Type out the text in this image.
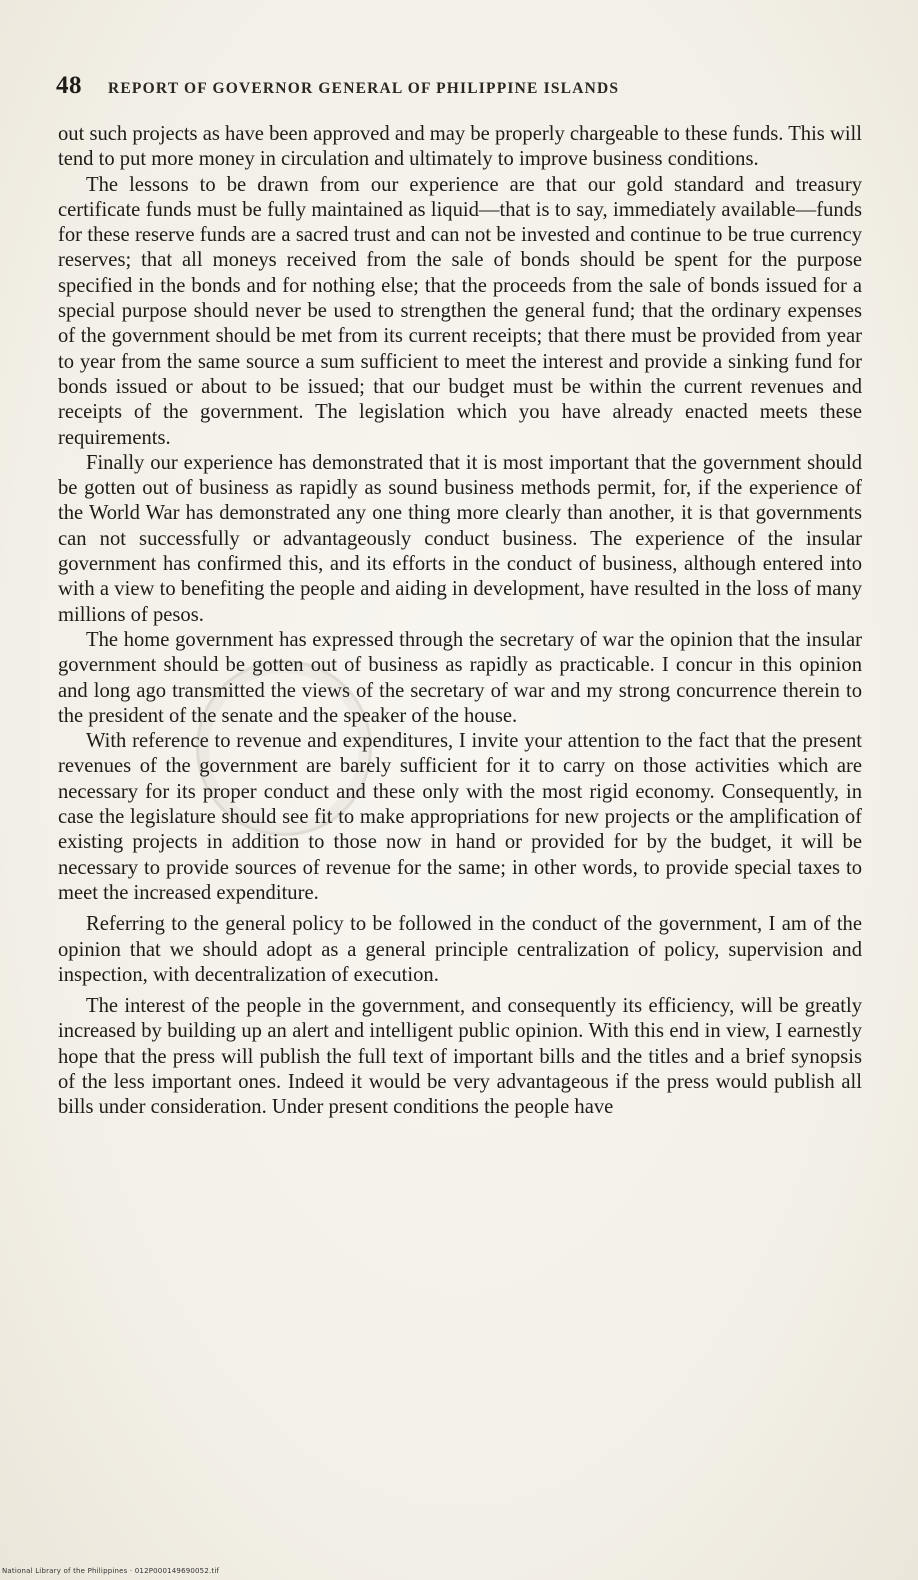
48 REPORT OF GOVERNOR GENERAL OF PHILIPPINE ISLANDS

out such projects as have been approved and may be properly chargeable to these funds. This will tend to put more money in circulation and ultimately to improve business conditions.

The lessons to be drawn from our experience are that our gold standard and treasury certificate funds must be fully maintained as liquid—that is to say, immediately available—funds for these reserve funds are a sacred trust and can not be invested and continue to be true currency reserves; that all moneys received from the sale of bonds should be spent for the purpose specified in the bonds and for nothing else; that the proceeds from the sale of bonds issued for a special purpose should never be used to strengthen the general fund; that the ordinary expenses of the government should be met from its current receipts; that there must be provided from year to year from the same source a sum sufficient to meet the interest and provide a sinking fund for bonds issued or about to be issued; that our budget must be within the current revenues and receipts of the government. The legislation which you have already enacted meets these requirements.

Finally our experience has demonstrated that it is most important that the government should be gotten out of business as rapidly as sound business methods permit, for, if the experience of the World War has demonstrated any one thing more clearly than another, it is that governments can not successfully or advantageously conduct business. The experience of the insular government has confirmed this, and its efforts in the conduct of business, although entered into with a view to benefiting the people and aiding in development, have resulted in the loss of many millions of pesos.

The home government has expressed through the secretary of war the opinion that the insular government should be gotten out of business as rapidly as practicable. I concur in this opinion and long ago transmitted the views of the secretary of war and my strong concurrence therein to the president of the senate and the speaker of the house.

With reference to revenue and expenditures, I invite your attention to the fact that the present revenues of the government are barely sufficient for it to carry on those activities which are necessary for its proper conduct and these only with the most rigid economy. Consequently, in case the legislature should see fit to make appropriations for new projects or the amplification of existing projects in addition to those now in hand or provided for by the budget, it will be necessary to provide sources of revenue for the same; in other words, to provide special taxes to meet the increased expenditure.

Referring to the general policy to be followed in the conduct of the government, I am of the opinion that we should adopt as a general principle centralization of policy, supervision and inspection, with decentralization of execution.

The interest of the people in the government, and consequently its efficiency, will be greatly increased by building up an alert and intelligent public opinion. With this end in view, I earnestly hope that the press will publish the full text of important bills and the titles and a brief synopsis of the less important ones. Indeed it would be very advantageous if the press would publish all bills under consideration. Under present conditions the people have

National Library of the Philippines · 012P000149690052.tif
